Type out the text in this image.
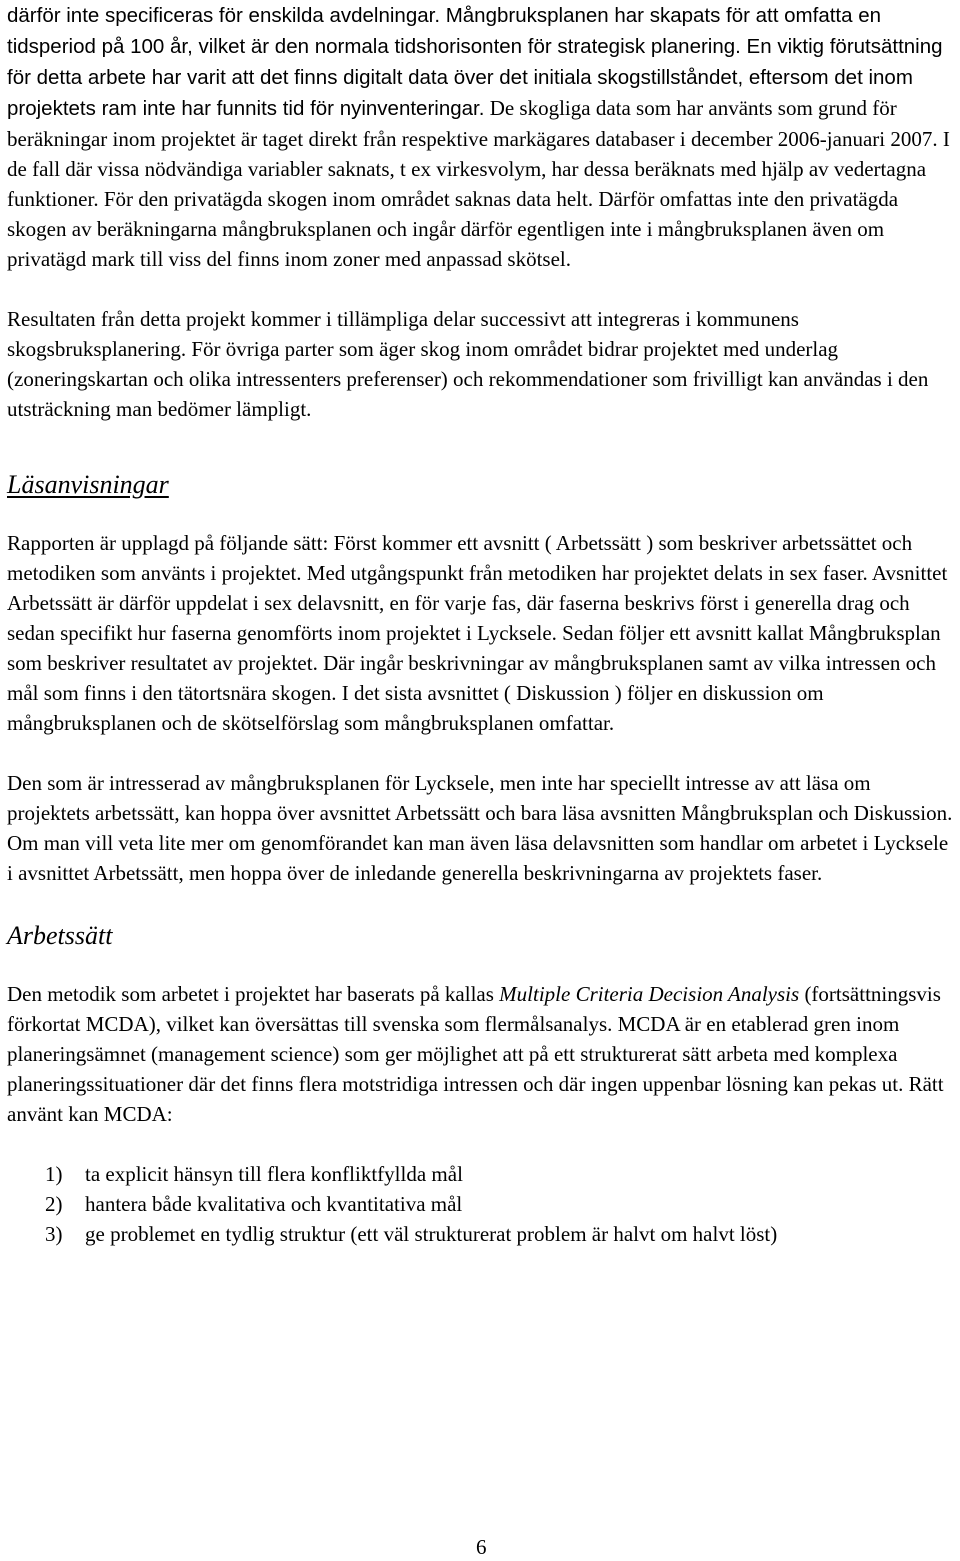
därför inte specificeras för enskilda avdelningar. Mångbruksplanen har skapats för att omfatta en tidsperiod på 100 år, vilket är den normala tidshorisonten för strategisk planering. En viktig förutsättning för detta arbete har varit att det finns digitalt data över det initiala skogstillståndet, eftersom det inom projektets ram inte har funnits tid för nyinventeringar. De skogliga data som har använts som grund för beräkningar inom projektet är taget direkt från respektive markägares databaser i december 2006-januari 2007. I de fall där vissa nödvändiga variabler saknats, t ex virkesvolym, har dessa beräknats med hjälp av vedertagna funktioner. För den privatägda skogen inom området saknas data helt. Därför omfattas inte den privatägda skogen av beräkningarna mångbruksplanen och ingår därför egentligen inte i mångbruksplanen även om privatägd mark till viss del finns inom zoner med anpassad skötsel.

Resultaten från detta projekt kommer i tillämpliga delar successivt att integreras i kommunens skogsbruksplanering. För övriga parter som äger skog inom området bidrar projektet med underlag (zoneringskartan och olika intressenters preferenser) och rekommendationer som frivilligt kan användas i den utsträckning man bedömer lämpligt.

Läsanvisningar

Rapporten är upplagd på följande sätt: Först kommer ett avsnitt ( Arbetssätt ) som beskriver arbetssättet och metodiken som använts i projektet. Med utgångspunkt från metodiken har projektet delats in sex faser. Avsnittet Arbetssätt är därför uppdelat i sex delavsnitt, en för varje fas, där faserna beskrivs först i generella drag och sedan specifikt hur faserna genomförts inom projektet i Lycksele. Sedan följer ett avsnitt kallat Mångbruksplan som beskriver resultatet av projektet. Där ingår beskrivningar av mångbruksplanen samt av vilka intressen och mål som finns i den tätortsnära skogen. I det sista avsnittet ( Diskussion ) följer en diskussion om mångbruksplanen och de skötselförslag som mångbruksplanen omfattar.

Den som är intresserad av mångbruksplanen för Lycksele, men inte har speciellt intresse av att läsa om projektets arbetssätt, kan hoppa över avsnittet Arbetssätt och bara läsa avsnitten Mångbruksplan och Diskussion. Om man vill veta lite mer om genomförandet kan man även läsa delavsnitten som handlar om arbetet i Lycksele i avsnittet Arbetssätt, men hoppa över de inledande generella beskrivningarna av projektets faser.

Arbetssätt

Den metodik som arbetet i projektet har baserats på kallas Multiple Criteria Decision Analysis (fortsättningsvis förkortat MCDA), vilket kan översättas till svenska som flermålsanalys. MCDA är en etablerad gren inom planeringsämnet (management science) som ger möjlighet att på ett strukturerat sätt arbeta med komplexa planeringssituationer där det finns flera motstridiga intressen och där ingen uppenbar lösning kan pekas ut. Rätt använt kan MCDA:

1)	ta explicit hänsyn till flera konfliktfyllda mål
2)	hantera både kvalitativa och kvantitativa mål
3)	ge problemet en tydlig struktur (ett väl strukturerat problem är halvt om halvt löst)
6
